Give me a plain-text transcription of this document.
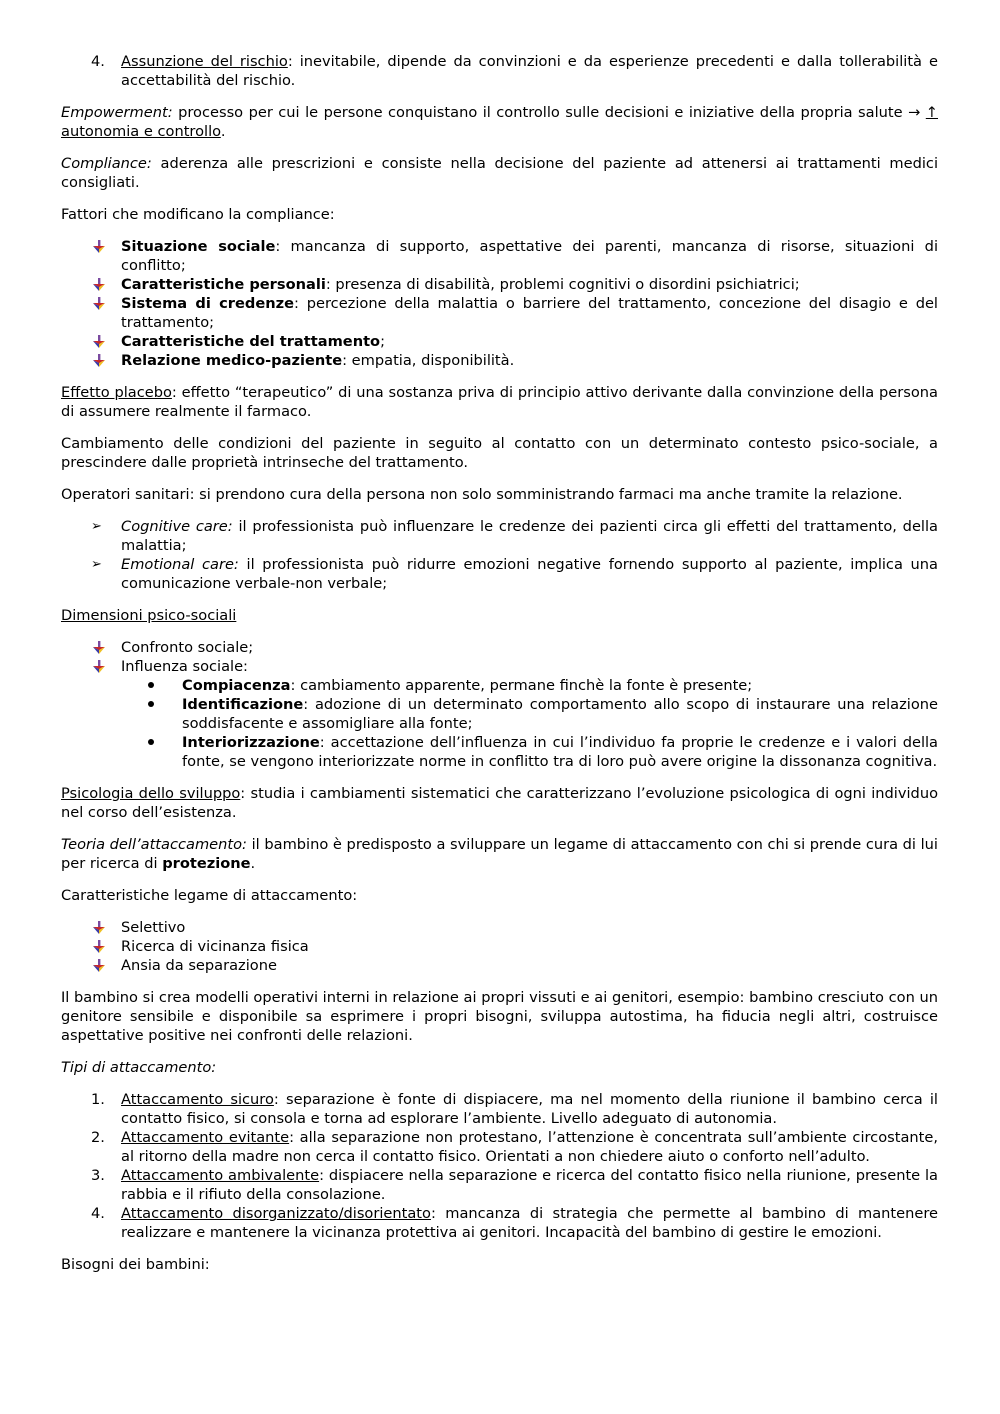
4. Assunzione del rischio: inevitabile, dipende da convinzioni e da esperienze precedenti e dalla tollerabilità e accettabilità del rischio.

Empowerment: processo per cui le persone conquistano il controllo sulle decisioni e iniziative della propria salute → ↑ autonomia e controllo.

Compliance: aderenza alle prescrizioni e consiste nella decisione del paziente ad attenersi ai trattamenti medici consigliati.

Fattori che modificano la compliance:

Situazione sociale: mancanza di supporto, aspettative dei parenti, mancanza di risorse, situazioni di conflitto;
Caratteristiche personali: presenza di disabilità, problemi cognitivi o disordini psichiatrici;
Sistema di credenze: percezione della malattia o barriere del trattamento, concezione del disagio e del trattamento;
Caratteristiche del trattamento;
Relazione medico-paziente: empatia, disponibilità.

Effetto placebo: effetto “terapeutico” di una sostanza priva di principio attivo derivante dalla convinzione della persona di assumere realmente il farmaco.

Cambiamento delle condizioni del paziente in seguito al contatto con un determinato contesto psico-sociale, a prescindere dalle proprietà intrinseche del trattamento.

Operatori sanitari: si prendono cura della persona non solo somministrando farmaci ma anche tramite la relazione.

➢ Cognitive care: il professionista può influenzare le credenze dei pazienti circa gli effetti del trattamento, della malattia;
➢ Emotional care: il professionista può ridurre emozioni negative fornendo supporto al paziente, implica una comunicazione verbale-non verbale;

Dimensioni psico-sociali

Confronto sociale;
Influenza sociale:
Compiacenza: cambiamento apparente, permane finchè la fonte è presente;
Identificazione: adozione di un determinato comportamento allo scopo di instaurare una relazione soddisfacente e assomigliare alla fonte;
Interiorizzazione: accettazione dell’influenza in cui l’individuo fa proprie le credenze e i valori della fonte, se vengono interiorizzate norme in conflitto tra di loro può avere origine la dissonanza cognitiva.

Psicologia dello sviluppo: studia i cambiamenti sistematici che caratterizzano l’evoluzione psicologica di ogni individuo nel corso dell’esistenza.

Teoria dell’attaccamento: il bambino è predisposto a sviluppare un legame di attaccamento con chi si prende cura di lui per ricerca di protezione.

Caratteristiche legame di attaccamento:

Selettivo
Ricerca di vicinanza fisica
Ansia da separazione

Il bambino si crea modelli operativi interni in relazione ai propri vissuti e ai genitori, esempio: bambino cresciuto con un genitore sensibile e disponibile sa esprimere i propri bisogni, sviluppa autostima, ha fiducia negli altri, costruisce aspettative positive nei confronti delle relazioni.

Tipi di attaccamento:

1. Attaccamento sicuro: separazione è fonte di dispiacere, ma nel momento della riunione il bambino cerca il contatto fisico, si consola e torna ad esplorare l’ambiente. Livello adeguato di autonomia.
2. Attaccamento evitante: alla separazione non protestano, l’attenzione è concentrata sull’ambiente circostante, al ritorno della madre non cerca il contatto fisico. Orientati a non chiedere aiuto o conforto nell’adulto.
3. Attaccamento ambivalente: dispiacere nella separazione e ricerca del contatto fisico nella riunione, presente la rabbia e il rifiuto della consolazione.
4. Attaccamento disorganizzato/disorientato: mancanza di strategia che permette al bambino di mantenere realizzare e mantenere la vicinanza protettiva ai genitori. Incapacità del bambino di gestire le emozioni.

Bisogni dei bambini:
